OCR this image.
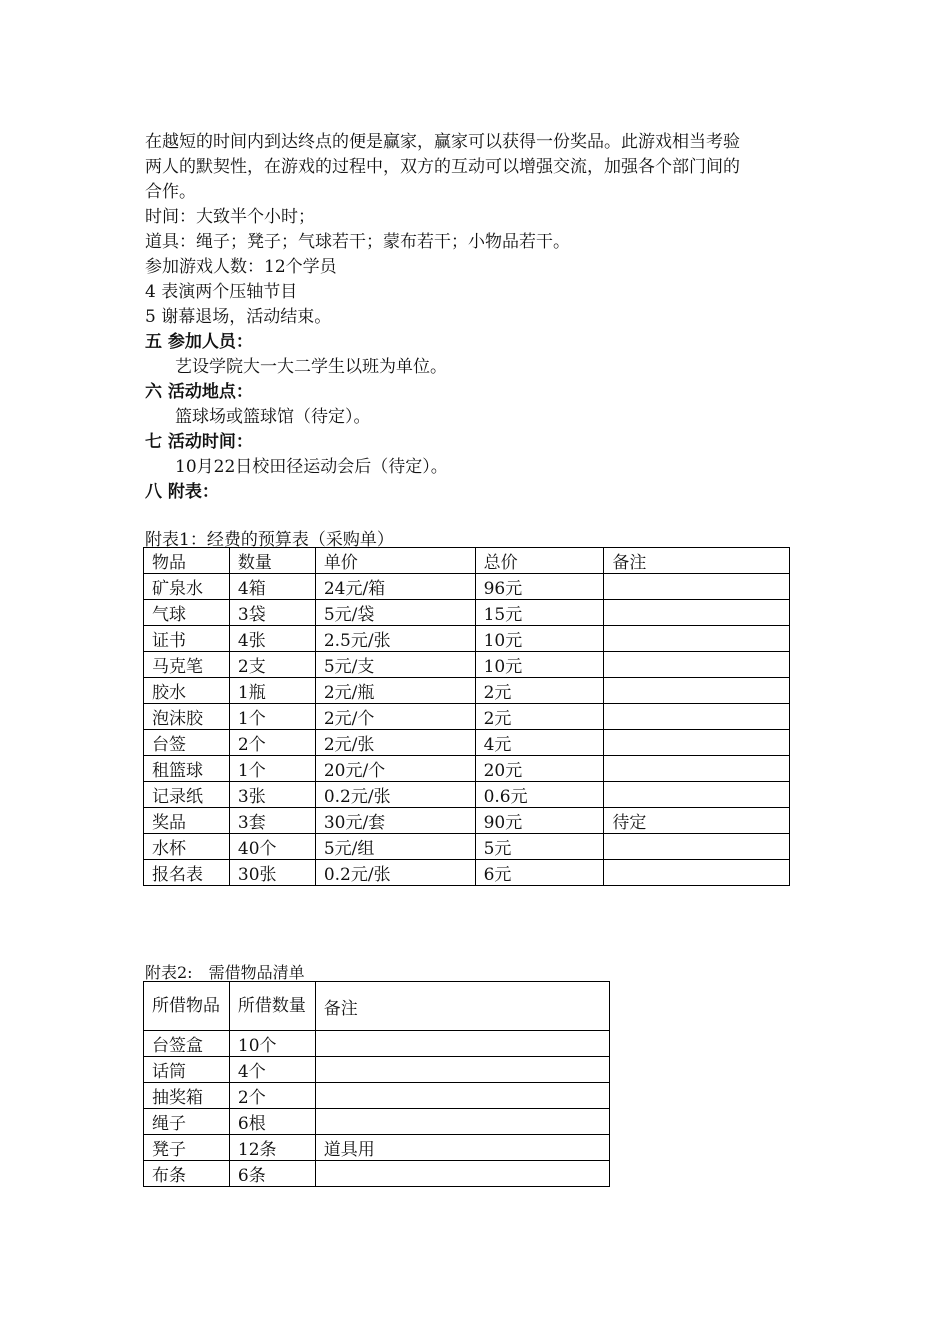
在越短的时间内到达终点的便是赢家，赢家可以获得一份奖品。此游戏相当考验
两人的默契性，在游戏的过程中，双方的互动可以增强交流，加强各个部门间的
合作。
时间：大致半个小时；
道具：绳子；凳子；气球若干；蒙布若干；小物品若干。
参加游戏人数：12个学员
4 表演两个压轴节目
5 谢幕退场，活动结束。
五 参加人员：
艺设学院大一大二学生以班为单位。
六 活动地点：
篮球场或篮球馆（待定）。
七 活动时间：
10月22日校田径运动会后（待定）。
八 附表：
附表1：经费的预算表（采购单）
物品	数量	单价	总价	备注
矿泉水	4箱	24元/箱	96元	
气球	3袋	5元/袋	15元	
证书	4张	2.5元/张	10元	
马克笔	2支	5元/支	10元	
胶水	1瓶	2元/瓶	2元	
泡沫胶	1个	2元/个	2元	
台签	2个	2元/张	4元	
租篮球	1个	20元/个	20元	
记录纸	3张	0.2元/张	0.6元	
奖品	3套	30元/套	90元	待定
水杯	40个	5元/组	5元	
报名表	30张	0.2元/张	6元	
附表2:　需借物品清单
所借物品	所借数量	备注
台签盒	10个	
话筒	4个	
抽奖箱	2个	
绳子	6根	
凳子	12条	道具用
布条	6条	
